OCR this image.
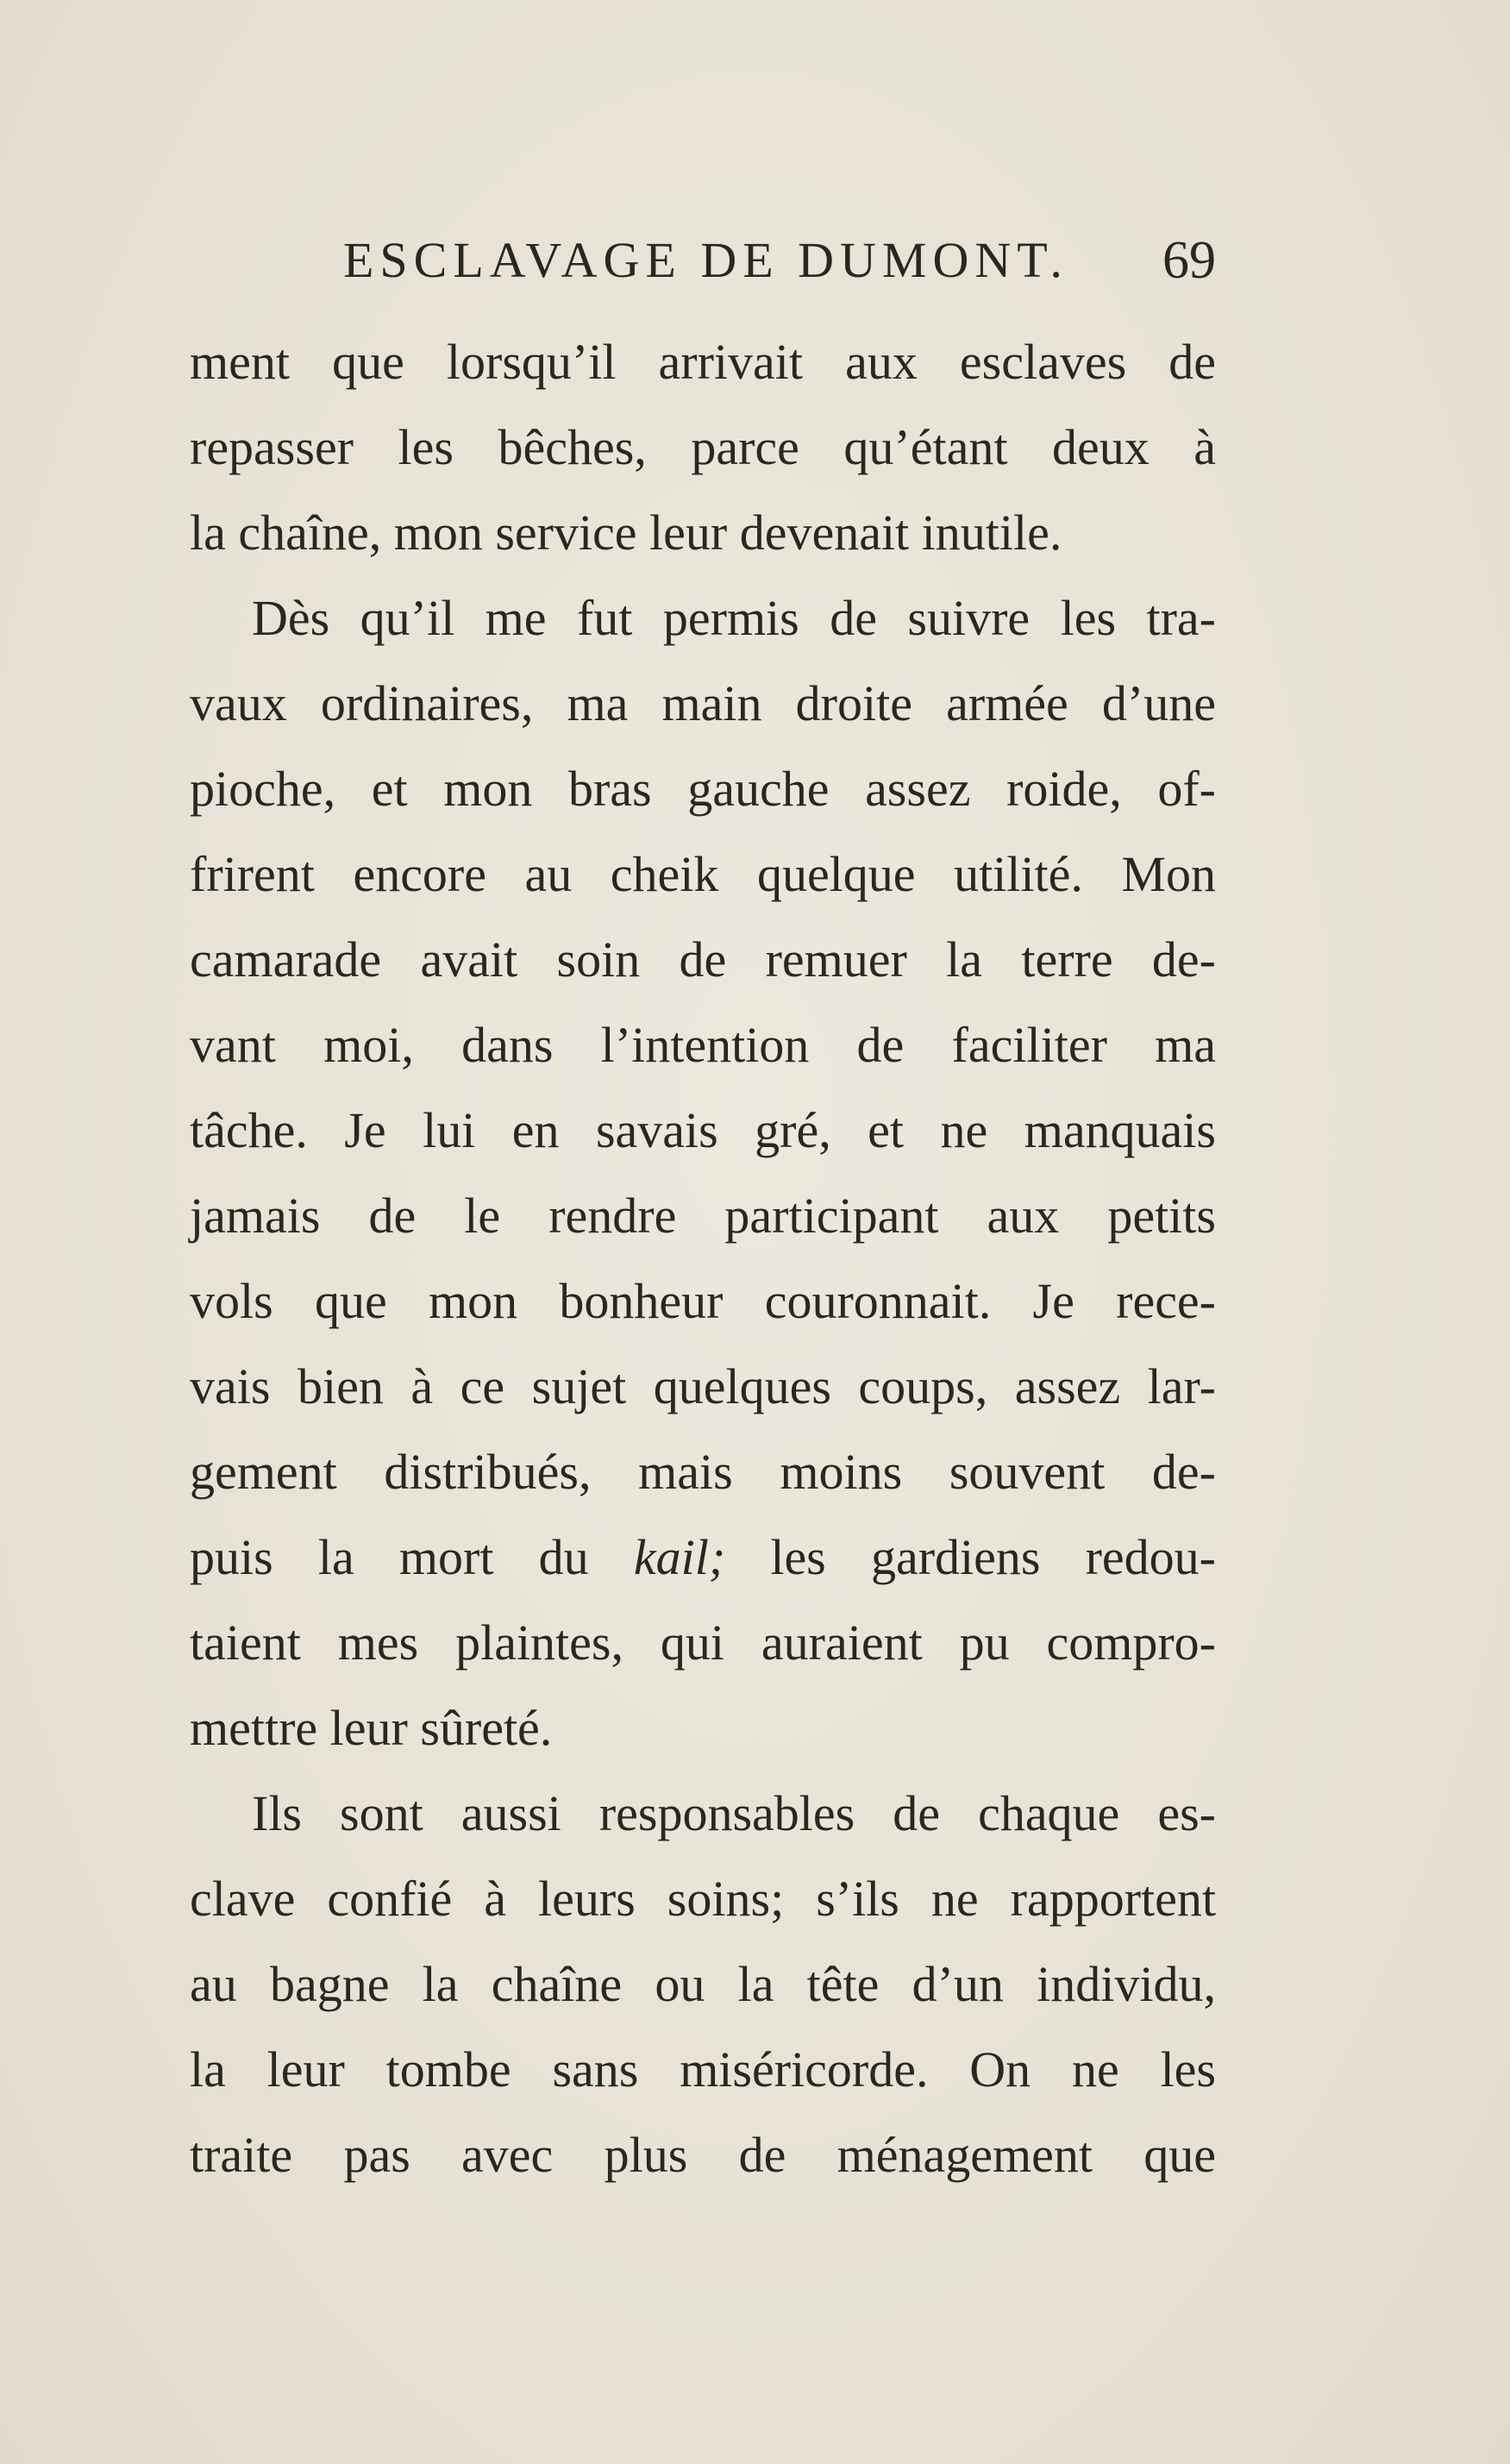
ESCLAVAGE DE DUMONT. 69
ment que lorsqu’il arrivait aux esclaves de
repasser les bêches, parce qu’étant deux à
la chaîne, mon service leur devenait inutile.
Dès qu’il me fut permis de suivre les tra-
vaux ordinaires, ma main droite armée d’une
pioche, et mon bras gauche assez roide, of-
frirent encore au cheik quelque utilité. Mon
camarade avait soin de remuer la terre de-
vant moi, dans l’intention de faciliter ma
tâche. Je lui en savais gré, et ne manquais
jamais de le rendre participant aux petits
vols que mon bonheur couronnait. Je rece-
vais bien à ce sujet quelques coups, assez lar-
gement distribués, mais moins souvent de-
puis la mort du kail; les gardiens redou-
taient mes plaintes, qui auraient pu compro-
mettre leur sûreté.
Ils sont aussi responsables de chaque es-
clave confié à leurs soins; s’ils ne rapportent
au bagne la chaîne ou la tête d’un individu,
la leur tombe sans miséricorde. On ne les
traite pas avec plus de ménagement que
